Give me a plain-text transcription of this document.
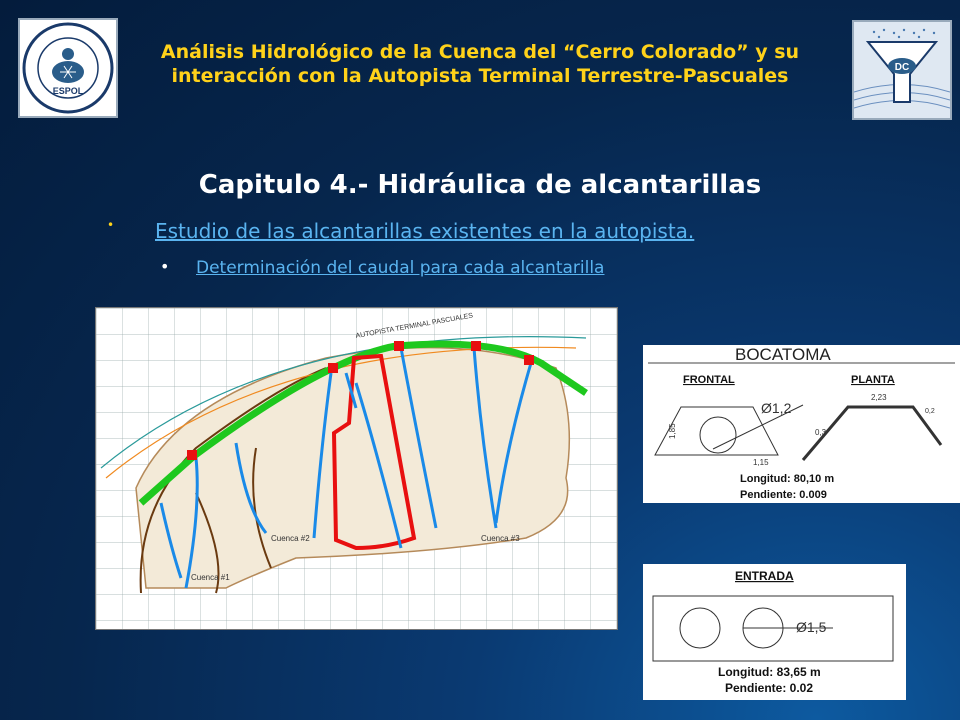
ESPOL
DC
Análisis Hidrológico de la Cuenca del “Cerro Colorado” y su
interacción con la Autopista Terminal Terrestre-Pascuales
Capitulo 4.- Hidráulica de alcantarillas
• Estudio de las alcantarillas existentes en la autopista.
• Determinación del caudal para cada alcantarilla
AUTOPISTA TERMINAL PASCUALES
Cuenca #1
Cuenca #2	Cuenca #3
BOCATOMA
FRONTAL	PLANTA
Ø1,2
1,85
1,15
2,23
0,3
0,2
Longitud: 80,10 m
Pendiente: 0.009
ENTRADA
Ø1,5
Longitud: 83,65 m
Pendiente: 0.02
